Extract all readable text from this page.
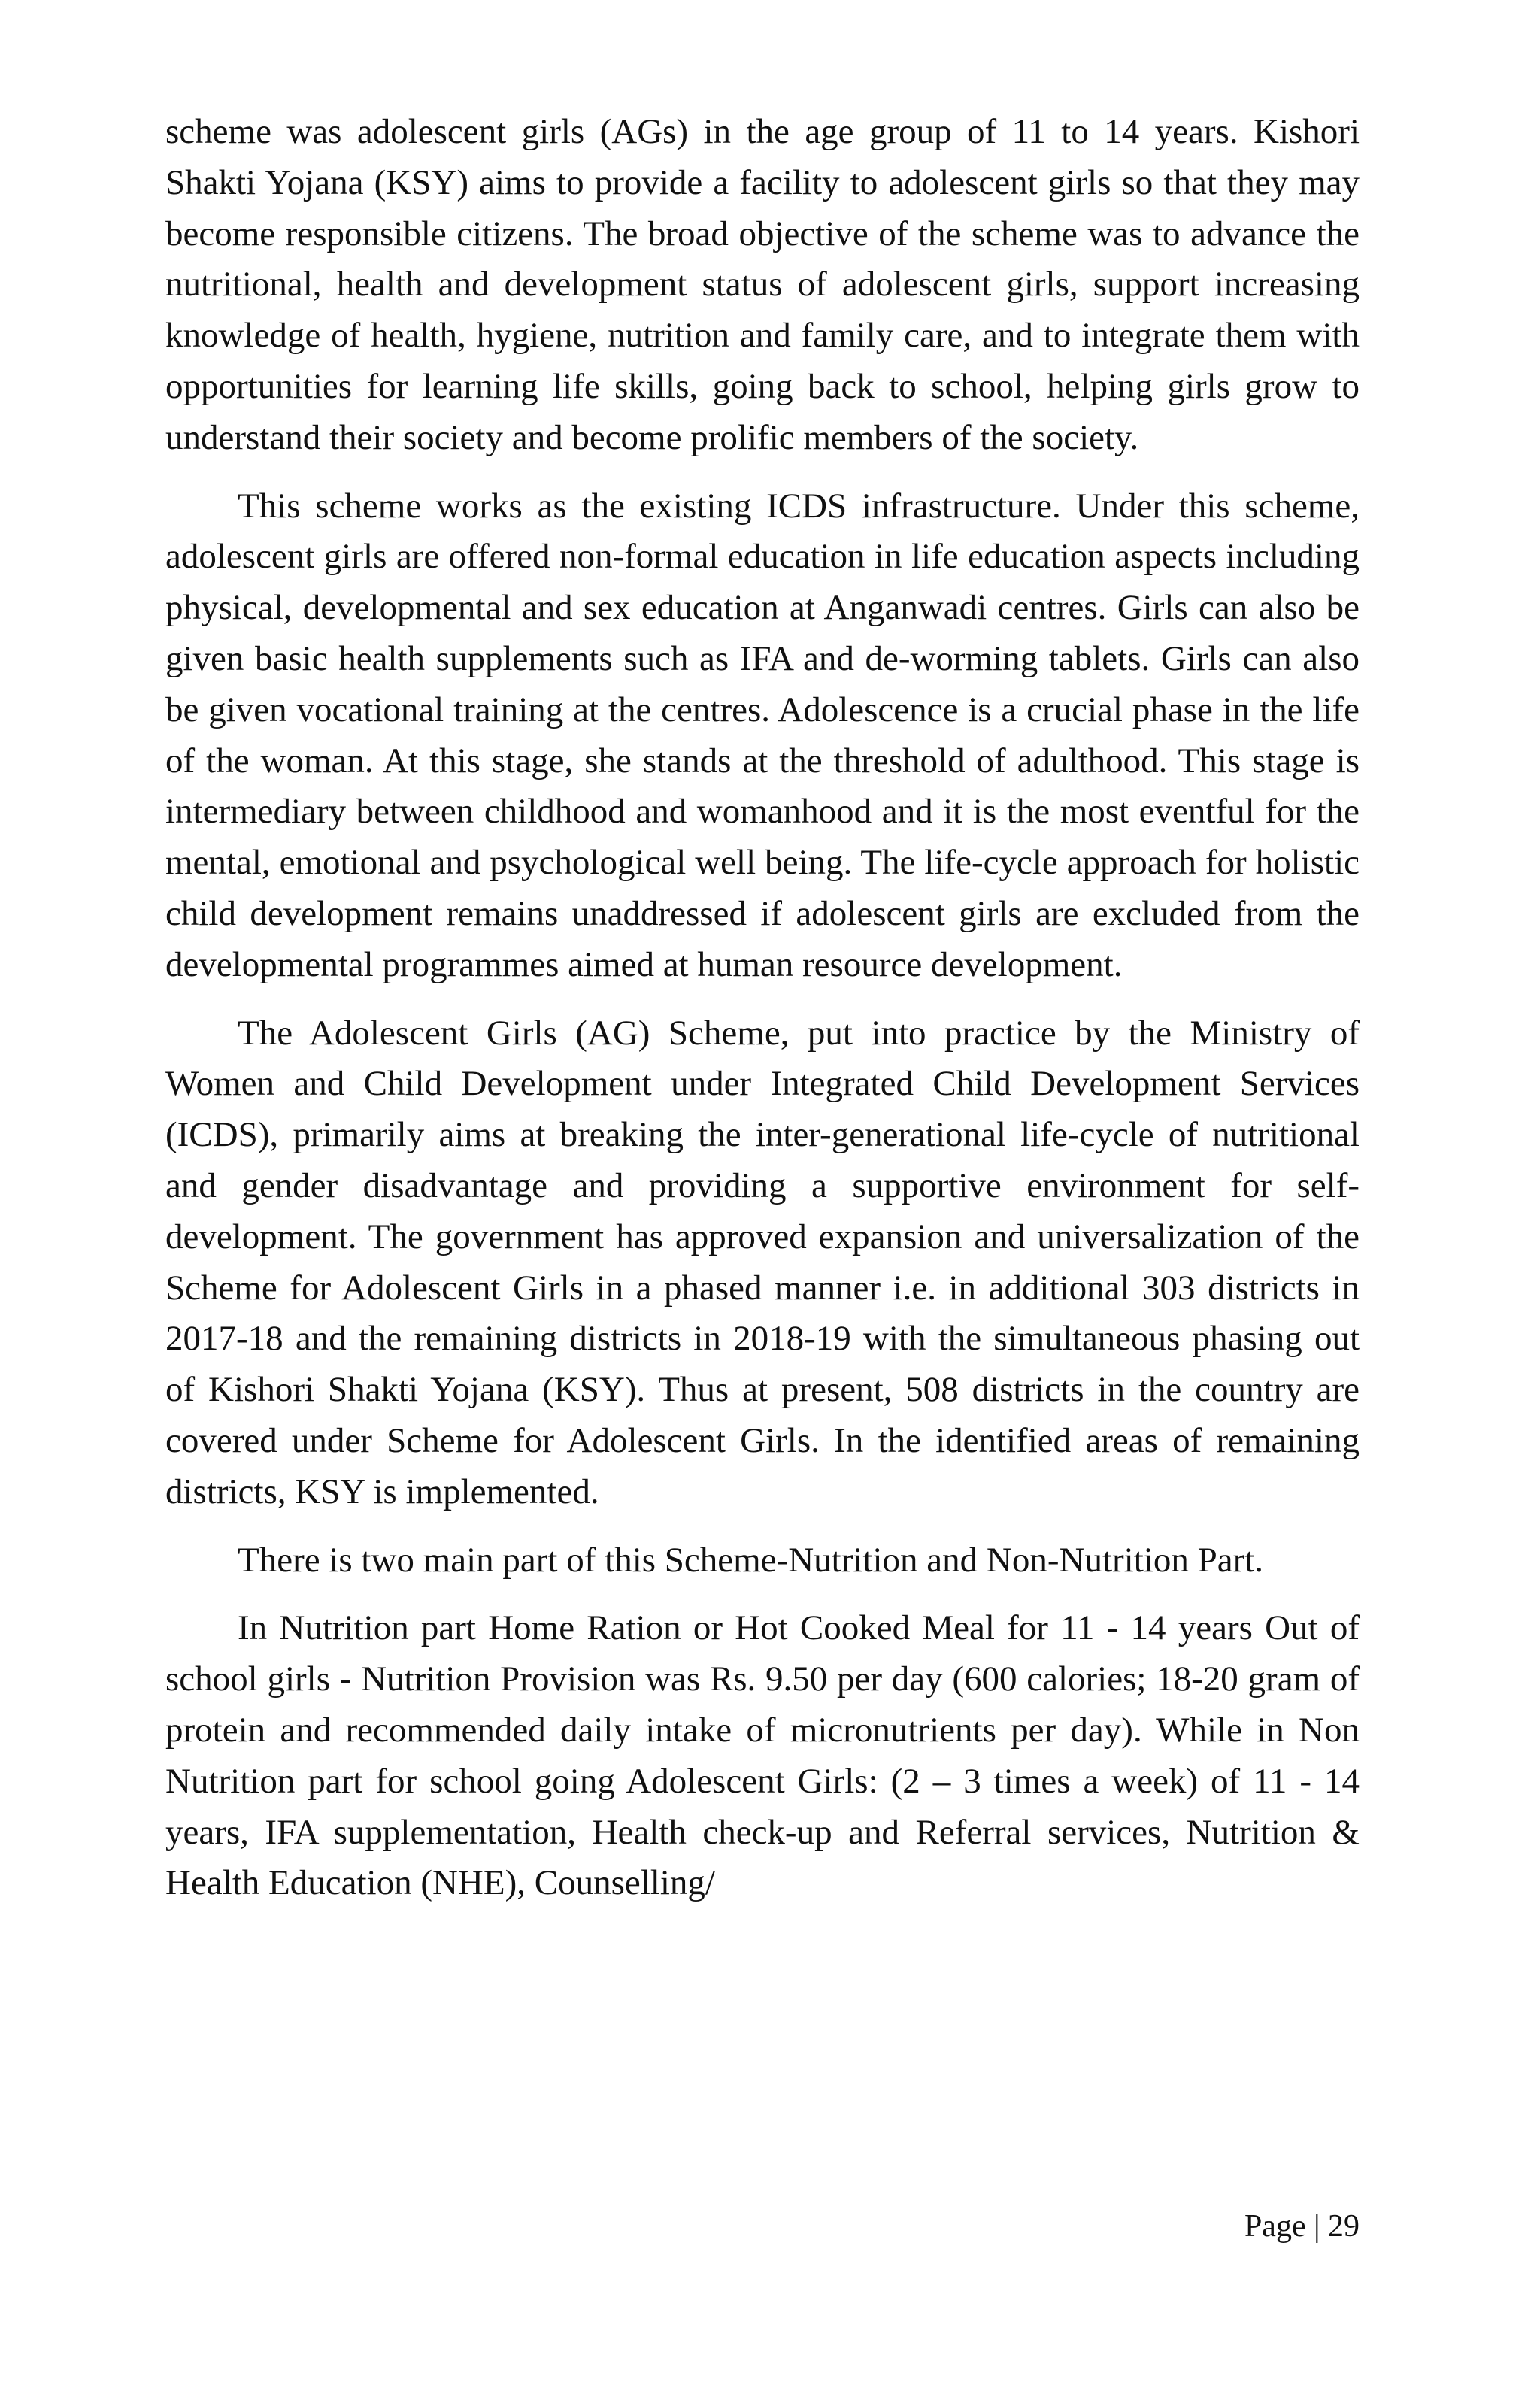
scheme was adolescent girls (AGs) in the age group of 11 to 14 years. Kishori Shakti Yojana (KSY) aims to provide a facility to adolescent girls so that they may become responsible citizens. The broad objective of the scheme was to advance the nutritional, health and development status of adolescent girls, support increasing knowledge of health, hygiene, nutrition and family care, and to integrate them with opportunities for learning life skills, going back to school, helping girls grow to understand their society and become prolific members of the society.

This scheme works as the existing ICDS infrastructure. Under this scheme, adolescent girls are offered non-formal education in life education aspects including physical, developmental and sex education at Anganwadi centres. Girls can also be given basic health supplements such as IFA and de-worming tablets. Girls can also be given vocational training at the centres. Adolescence is a crucial phase in the life of the woman. At this stage, she stands at the threshold of adulthood. This stage is intermediary between childhood and womanhood and it is the most eventful for the mental, emotional and psychological well being. The life-cycle approach for holistic child development remains unaddressed if adolescent girls are excluded from the developmental programmes aimed at human resource development.

The Adolescent Girls (AG) Scheme, put into practice by the Ministry of Women and Child Development under Integrated Child Development Services (ICDS), primarily aims at breaking the inter-generational life-cycle of nutritional and gender disadvantage and providing a supportive environment for self-development. The government has approved expansion and universalization of the Scheme for Adolescent Girls in a phased manner i.e. in additional 303 districts in 2017-18 and the remaining districts in 2018-19 with the simultaneous phasing out of Kishori Shakti Yojana (KSY). Thus at present, 508 districts in the country are covered under Scheme for Adolescent Girls. In the identified areas of remaining districts, KSY is implemented.

There is two main part of this Scheme-Nutrition and Non-Nutrition Part.

In Nutrition part Home Ration or Hot Cooked Meal for 11 - 14 years Out of school girls - Nutrition Provision was Rs. 9.50 per day (600 calories; 18-20 gram of protein and recommended daily intake of micronutrients per day). While in Non Nutrition part for school going Adolescent Girls: (2 – 3 times a week) of 11 - 14 years, IFA supplementation, Health check-up and Referral services, Nutrition & Health Education (NHE), Counselling/

Page | 29
